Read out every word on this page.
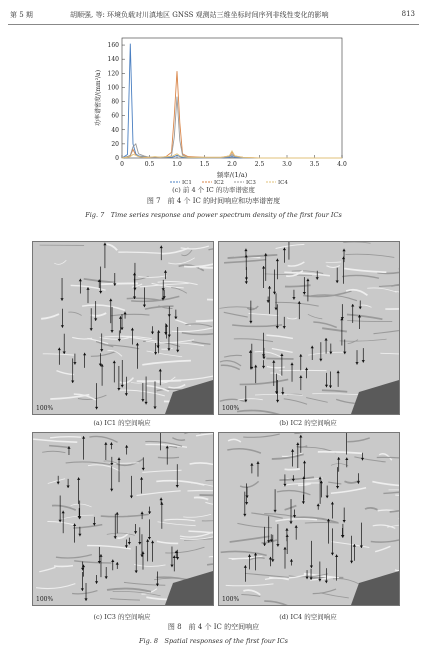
第 5 期	胡顺强, 等: 环境负载对川滇地区 GNSS 观测站三维坐标时间序列非线性变化的影响	813
0
20
40
60
80
100
120
140
160
0	0.5	1.0	1.5	2.0	2.5	3.0	3.5	4.0
功率谱密度/(mm²/a)
频率/(1/a)
IC1	IC2	IC3	IC4
(c) 前 4 个 IC 的功率谱密度
图 7　前 4 个 IC 的时间响应和功率谱密度
Fig. 7　Time series response and power spectrum density of the first four ICs
100%
(a) IC1 的空间响应
100%
(b) IC2 的空间响应
100%
(c) IC3 的空间响应
100%
(d) IC4 的空间响应
图 8　前 4 个 IC 的空间响应
Fig. 8　Spatial responses of the first four ICs
